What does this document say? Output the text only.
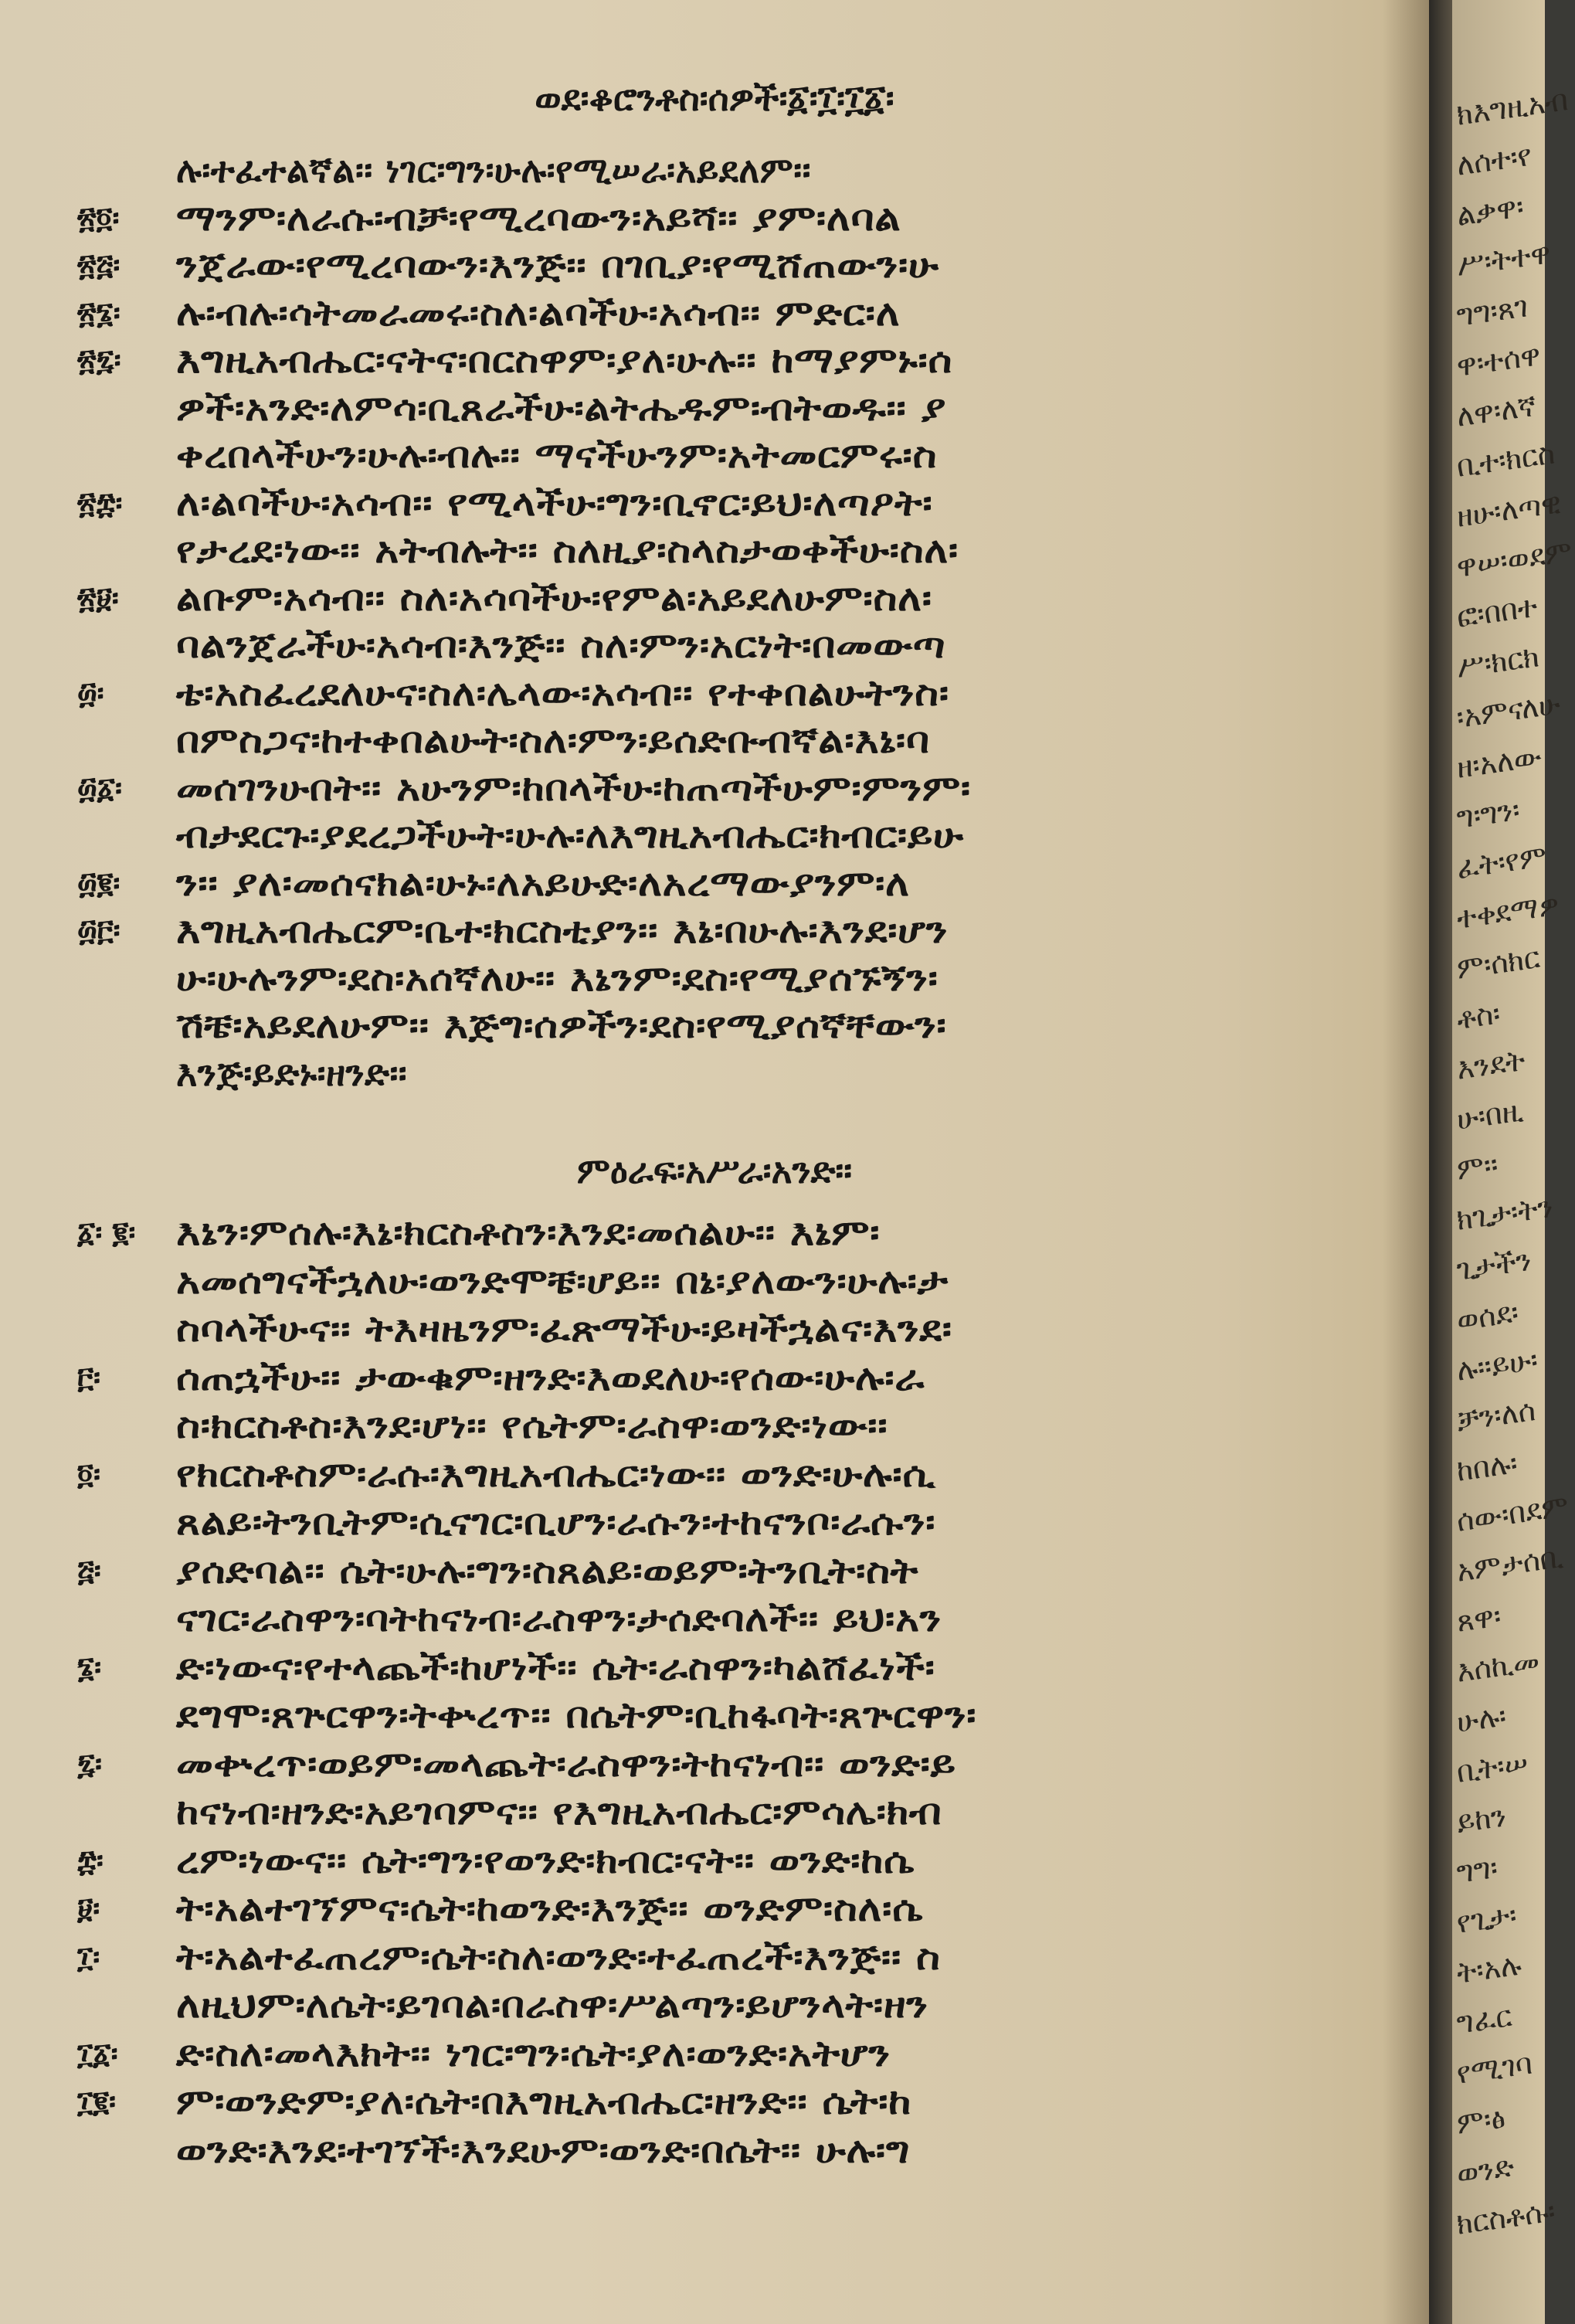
ወደ፡ቆሮንቶስ፡ሰዎች፡፩፡፲፡፲፩፡
ሉ፡ተፈተልኛል፡፡ ነገር፡ግን፡ሁሉ፡የሚሠራ፡አይደለም፡፡
፳፬፡ ማንም፡ለራሱ፡ብቻ፡የሚረባውን፡አይሻ፡፡ ያም፡ለባል
፳፭፡ ንጀራው፡የሚረባውን፡እንጅ፡፡ በገቢያ፡የሚሸጠውን፡ሁ
፳፮፡ ሉ፡ብሉ፡ሳትመራመሩ፡ስለ፡ልባችሁ፡አሳብ፡፡ ምድር፡ለ
፳፯፡ እግዚአብሔር፡ናትና፡በርስዋም፡ያለ፡ሁሉ፡፡ ከማያምኑ፡ሰ
ዎች፡አንድ፡ለምሳ፡ቢጸራችሁ፡ልትሔዱም፡ብትወዱ፡፡ ያ
ቀረበላችሁን፡ሁሉ፡ብሉ፡፡ ማናችሁንም፡አትመርምሩ፡ስ
፳፰፡ ለ፡ልባችሁ፡አሳብ፡፡ የሚላችሁ፡ግን፡ቢኖር፡ይህ፡ለጣዖት፡
የታረደ፡ነው፡፡ አትብሉት፡፡ ስለዚያ፡ስላስታወቀችሁ፡ስለ፡
፳፱፡ ልቡም፡አሳብ፡፡ ስለ፡አሳባችሁ፡የምል፡አይደለሁም፡ስለ፡
ባልንጀራችሁ፡አሳብ፡እንጅ፡፡ ስለ፡ምን፡አርነት፡በመውጣ
፴፡ ቴ፡አስፈረደለሁና፡ስለ፡ሌላው፡አሳብ፡፡ የተቀበልሁትንስ፡
በምስጋና፡ከተቀበልሁት፡ስለ፡ምን፡ይሰድቡብኛል፡እኔ፡ባ
፴፩፡ መሰገንሁበት፡፡ አሁንም፡ከበላችሁ፡ከጠጣችሁም፡ምንም፡
ብታደርጉ፡ያደረጋችሁት፡ሁሉ፡ለእግዚአብሔር፡ክብር፡ይሁ
፴፪፡ ን፡፡ ያለ፡መሰናክል፡ሁኑ፡ለአይሁድ፡ለአረማውያንም፡ለ
፴፫፡ እግዚአብሔርም፡ቤተ፡ክርስቲያን፡፡ እኔ፡በሁሉ፡እንደ፡ሆን
ሁ፡ሁሉንም፡ደስ፡አሰኛለሁ፡፡ እኔንም፡ደስ፡የሚያሰኙኝን፡
ሽቼ፡አይደለሁም፡፡ እጅግ፡ሰዎችን፡ደስ፡የሚያሰኛቸውን፡
እንጅ፡ይድኑ፡ዘንድ፡፡
፩፡ ፪፡ እኔን፡ምሰሉ፡እኔ፡ክርስቶስን፡እንደ፡መሰልሁ፡፡ እኔም፡
አመሰግናችኋለሁ፡ወንድሞቼ፡ሆይ፡፡ በኔ፡ያለውን፡ሁሉ፡ታ
ስባላችሁና፡፡ ትእዛዜንም፡ፈጽማችሁ፡ይዛችኋልና፡እንደ፡
፫፡ ሰጠኋችሁ፡፡ ታውቁም፡ዘንድ፡እወደለሁ፡የሰው፡ሁሉ፡ራ
ስ፡ክርስቶስ፡እንደ፡ሆነ፡፡ የሴትም፡ራስዋ፡ወንድ፡ነው፡፡
፬፡ የክርስቶስም፡ራሱ፡እግዚአብሔር፡ነው፡፡ ወንድ፡ሁሉ፡ሲ
ጸልይ፡ትንቢትም፡ሲናገር፡ቢሆን፡ራሱን፡ተከናንቦ፡ራሱን፡
፭፡ ያሰድባል፡፡ ሴት፡ሁሉ፡ግን፡ስጸልይ፡ወይም፡ትንቢት፡ስት
ናገር፡ራስዋን፡ባትከናነብ፡ራስዋን፡ታሰድባለች፡፡ ይህ፡አን
፮፡ ድ፡ነውና፡የተላጨች፡ከሆነች፡፡ ሴት፡ራስዋን፡ካልሸፈነች፡
ደግሞ፡ጸጕርዋን፡ትቍረጥ፡፡ በሴትም፡ቢከፋባት፡ጸጕርዋን፡
፯፡ መቍረጥ፡ወይም፡መላጨት፡ራስዋን፡ትከናነብ፡፡ ወንድ፡ይ
ከናነብ፡ዘንድ፡አይገባምና፡፡ የእግዚአብሔር፡ምሳሌ፡ክብ
፰፡ ረም፡ነውና፡፡ ሴት፡ግን፡የወንድ፡ክብር፡ናት፡፡ ወንድ፡ከሴ
፱፡ ት፡አልተገኘምና፡ሴት፡ከወንድ፡እንጅ፡፡ ወንድም፡ስለ፡ሴ
፲፡ ት፡አልተፈጠረም፡ሴት፡ስለ፡ወንድ፡ተፈጠረች፡እንጅ፡፡ ስ
ለዚህም፡ለሴት፡ይገባል፡በራስዋ፡ሥልጣን፡ይሆንላት፡ዘን
፲፩፡ ድ፡ስለ፡መላእክት፡፡ ነገር፡ግን፡ሴት፡ያለ፡ወንድ፡አትሆን
፲፪፡ ም፡ወንድም፡ያለ፡ሴት፡በእግዚአብሔር፡ዘንድ፡፡ ሴት፡ከ
ወንድ፡እንደ፡ተገኘች፡እንደሁም፡ወንድ፡በሴት፡፡ ሁሉ፡ግ
ምዕራፍ፡አሥራ፡አንድ፡፡
ክእግዚአብ
ለሰተ፡የ
ልቃዋ፡
ሥ፡ትተዋ
ግግ፡ጸገ
ዋ፡ተሰዋ
ለዋ፡ለኛ
ቢተ፡ክርስ
ዘሁ፡ለጣዊ
ዋሠ፡ወደም
ፎ፡በበተ
ሥ፡ክርክ
፡አምናለሁ
ዘ፡አለው
ግ፡ግን፡
ፈት፡የም
ተቀደማዎ
ም፡ሰክር
ቶስ፡
እንደት
ሁ፡በዚ
ም፡፡
ክጊታ፡ትን
ጊታችን
ወሰደ፡
ሉ፡፡ይሁ፡
ቻን፡ለሰ
ከበሉ፡
ሰው፡በደም
አምታሰቢ
ጸዋ፡
እሰኪመ
ሁሉ፡
ቢት፡ሠ
ይከን
ግግ፡
የጊታ፡
ት፡አሉ
ግፈር
የሚገባ
ም፡ፅ
ወንድ
ክርስቶሱ፡
